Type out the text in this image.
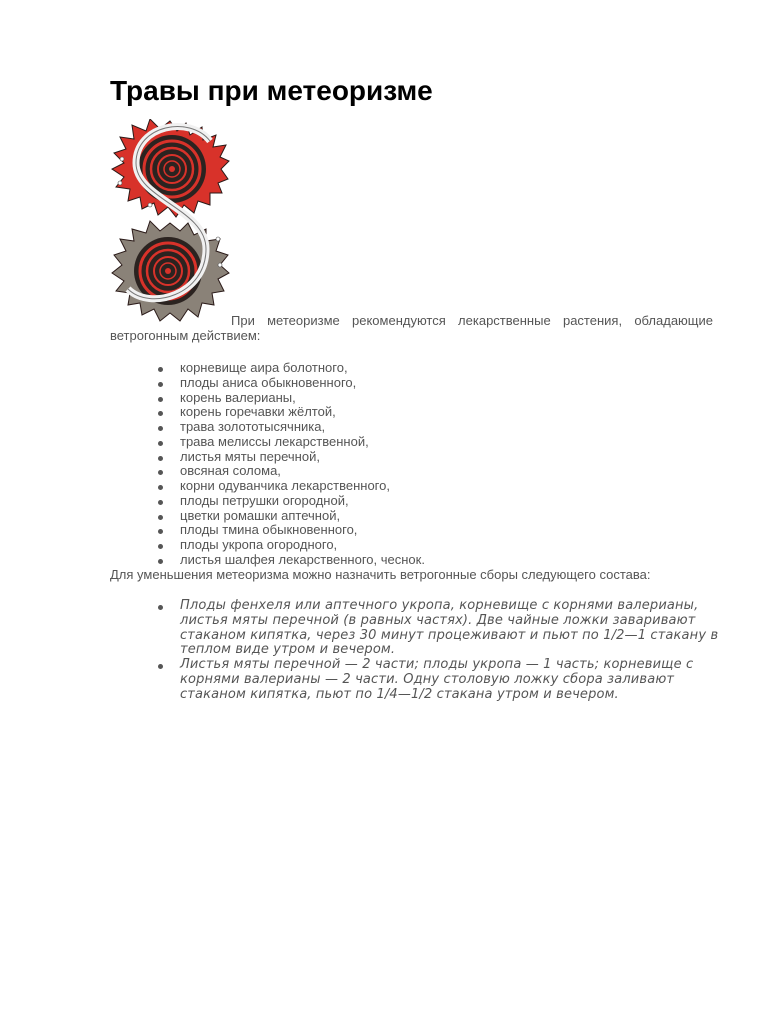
Травы при метеоризме

При метеоризме рекомендуются лекарственные растения, обладающие ветрогонным действием:

корневище аира болотного,
плоды аниса обыкновенного,
корень валерианы,
корень горечавки жёлтой,
трава золототысячника,
трава мелиссы лекарственной,
листья мяты перечной,
овсяная солома,
корни одуванчика лекарственного,
плоды петрушки огородной,
цветки ромашки аптечной,
плоды тмина обыкновенного,
плоды укропа огородного,
листья шалфея лекарственного, чеснок.

Для уменьшения метеоризма можно назначить ветрогонные сборы следующего состава:

Плоды фенхеля или аптечного укропа, корневище с корнями валерианы, листья мяты перечной (в равных частях). Две чайные ложки заваривают стаканом кипятка, через 30 минут процеживают и пьют по 1/2—1 стакану в теплом виде утром и вечером.
Листья мяты перечной — 2 части; плоды укропа — 1 часть; корневище с корнями валерианы — 2 части. Одну столовую ложку сбора заливают стаканом кипятка, пьют по 1/4—1/2 стакана утром и вечером.
